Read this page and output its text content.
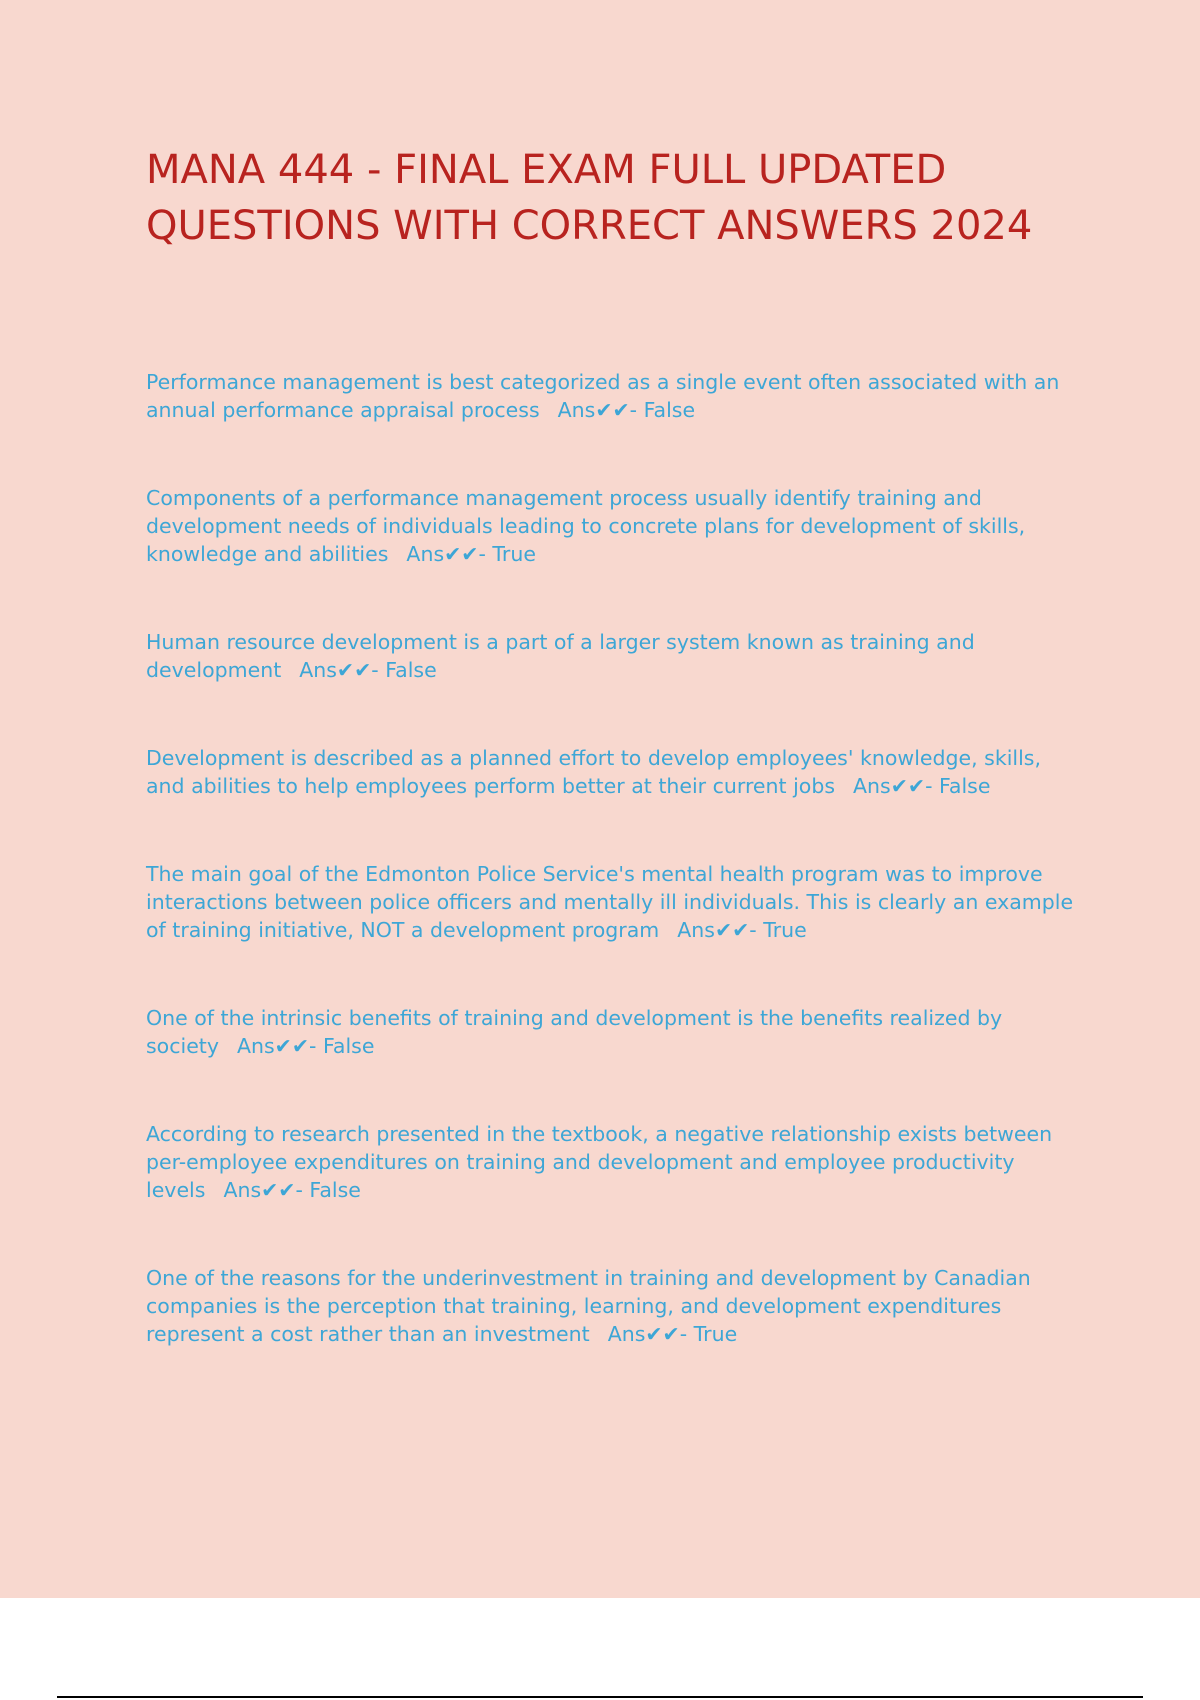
MANA 444 - FINAL EXAM FULL UPDATED QUESTIONS WITH CORRECT ANSWERS 2024
Performance management is best categorized as a single event often associated with an annual performance appraisal process Ans✔✔- False
Components of a performance management process usually identify training and development needs of individuals leading to concrete plans for development of skills, knowledge and abilities Ans✔✔- True
Human resource development is a part of a larger system known as training and development Ans✔✔- False
Development is described as a planned effort to develop employees' knowledge, skills, and abilities to help employees perform better at their current jobs Ans✔✔- False
The main goal of the Edmonton Police Service's mental health program was to improve interactions between police officers and mentally ill individuals. This is clearly an example of training initiative, NOT a development program Ans✔✔- True
One of the intrinsic benefits of training and development is the benefits realized by society Ans✔✔- False
According to research presented in the textbook, a negative relationship exists between per-employee expenditures on training and development and employee productivity levels Ans✔✔- False
One of the reasons for the underinvestment in training and development by Canadian companies is the perception that training, learning, and development expenditures represent a cost rather than an investment Ans✔✔- True
